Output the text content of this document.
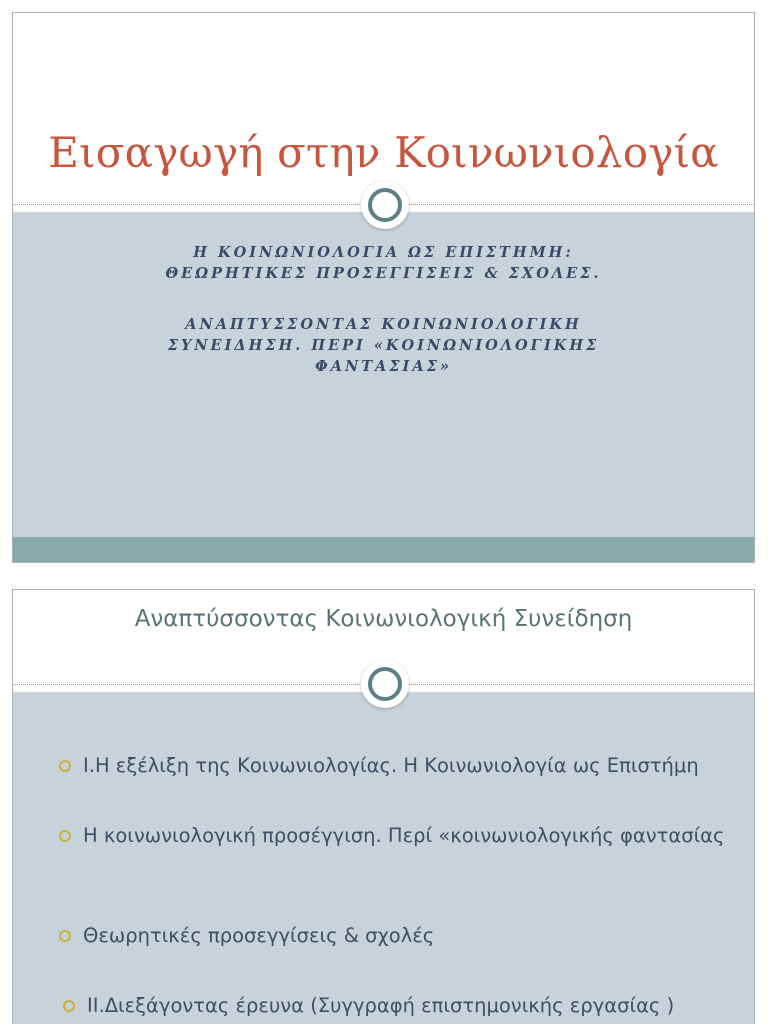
Εισαγωγή στην Κοινωνιολογία
Η ΚΟΙΝΩΝΙΟΛΟΓΙΑ ΩΣ ΕΠΙΣΤΗΜΗ:
ΘΕΩΡΗΤΙΚΕΣ ΠΡΟΣΕΓΓΙΣΕΙΣ & ΣΧΟΛΕΣ.
ΑΝΑΠΤΥΣΣΟΝΤΑΣ ΚΟΙΝΩΝΙΟΛΟΓΙΚΗ
ΣΥΝΕΙΔΗΣΗ. ΠΕΡΙ «ΚΟΙΝΩΝΙΟΛΟΓΙΚΗΣ
ΦΑΝΤΑΣΙΑΣ»
Αναπτύσσοντας Κοινωνιολογική Συνείδηση
Ι.Η εξέλιξη της Κοινωνιολογίας. Η Κοινωνιολογία ως Επιστήμη
Η κοινωνιολογική προσέγγιση. Περί «κοινωνιολογικής φαντασίας
Θεωρητικές προσεγγίσεις & σχολές
ΙΙ.Διεξάγοντας έρευνα (Συγγραφή επιστημονικής εργασίας )
